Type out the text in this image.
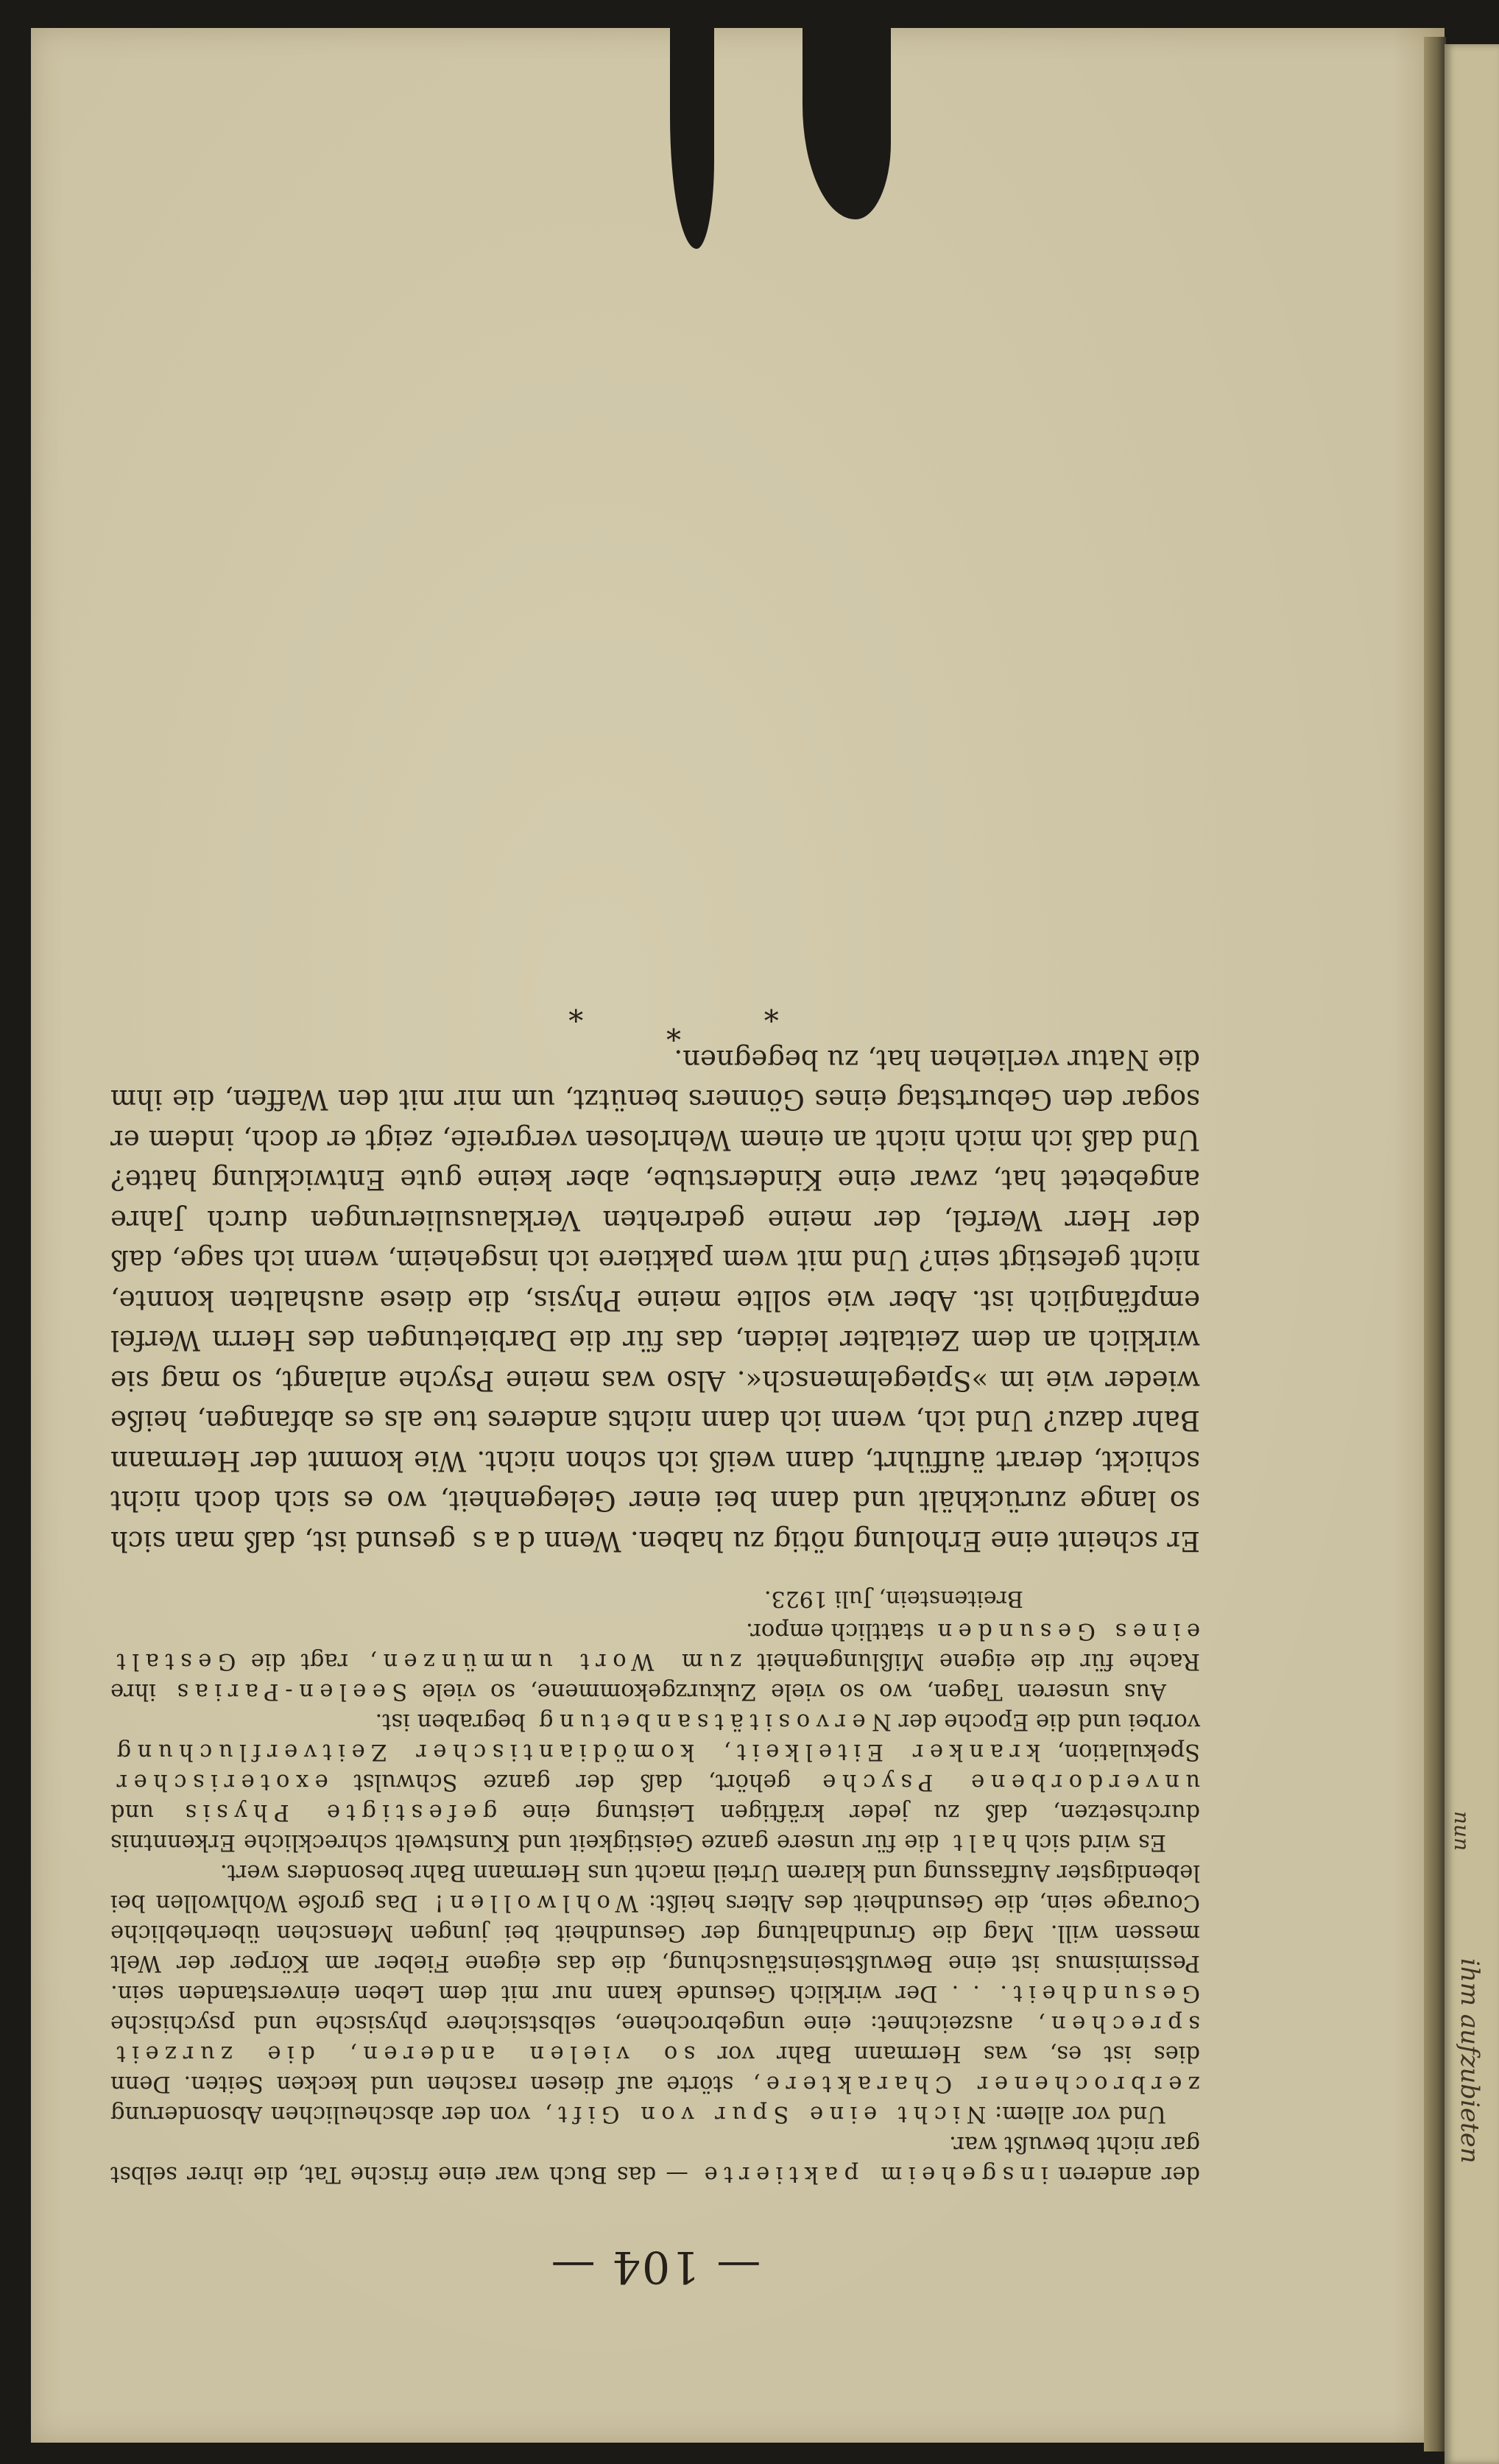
ihm aufzubieten
nun
— 104 —

der anderen insgeheim paktierte — das Buch war eine frische Tat, die ihrer selbst gar nicht bewußt war.

Und vor allem: Nicht eine Spur von Gift, von der abscheulichen Absonderung zerbrochener Charaktere, störte auf diesen raschen und kecken Seiten. Denn dies ist es, was Hermann Bahr vor so vielen anderen, die zurzeit sprechen, auszeichnet: eine ungebrochene, selbstsichere physische und psychische Gesundheit. . . Der wirklich Gesunde kann nur mit dem Leben einverstanden sein. Pessimismus ist eine Bewußtseinstäuschung, die das eigene Fieber am Körper der Welt messen will. Mag die Grundhaltung der Gesundheit bei jungen Menschen überhebliche Courage sein, die Gesundheit des Alters heißt: Wohlwollen! Das große Wohlwollen bei lebendigster Auffassung und klarem Urteil macht uns Hermann Bahr besonders wert.

Es wird sich halt die für unsere ganze Geistigkeit und Kunstwelt schreckliche Erkenntnis durchsetzen, daß zu jeder kräftigen Leistung eine gefestigte Physis und unverdorbene Psyche gehört, daß der ganze Schwulst exoterischer Spekulation, kranker Eitelkeit, komödiantischer Zeitverfluchung vorbei und die Epoche der Nervositätsanbetung begraben ist.

Aus unseren Tagen, wo so viele Zukurzgekommene, so viele Seelen-Parias ihre Rache für die eigene Mißlungenheit zum Wort ummünzen, ragt die Gestalt eines Gesunden stattlich empor.

Breitenstein, Juli 1923.

Er scheint eine Erholung nötig zu haben. Wenn das gesund ist, daß man sich so lange zurückhält und dann bei einer Gelegenheit, wo es sich doch nicht schickt, derart äufführt, dann weiß ich schon nicht. Wie kommt der Hermann Bahr dazu? Und ich, wenn ich dann nichts anderes tue als es abfangen, heiße wieder wie im »Spiegelmensch«. Also was meine Psyche anlangt, so mag sie wirklich an dem Zeitalter leiden, das für die Darbietungen des Herrn Werfel empfänglich ist. Aber wie sollte meine Physis, die diese aushalten konnte, nicht gefestigt sein? Und mit wem paktiere ich insgeheim, wenn ich sage, daß der Herr Werfel, der meine gedrehten Verklausulierungen durch Jahre angebetet hat, zwar eine Kinderstube, aber keine gute Entwicklung hatte? Und daß ich mich nicht an einem Wehrlosen vergreife, zeigt er doch, indem er sogar den Geburtstag eines Gönners benützt, um mir mit den Waffen, die ihm die Natur verliehen hat, zu begegnen.

* * *
